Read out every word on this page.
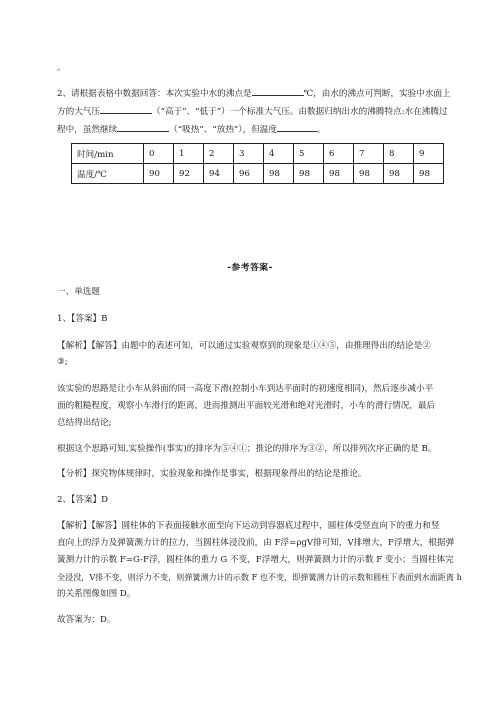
。
2、请根据表格中数据回答：本次实验中水的沸点是	℃，由水的沸点可判断，实验中水面上
方的大气压	（“高于”、“低于”）一个标准大气压。由数据归纳出水的沸腾特点:水在沸腾过
程中，虽然继续	（“吸热”、“放热”），但温度	。
时间/min	0	1	2	3	4	5	6	7	8	9
温度/℃	90	92	94	96	98	98	98	98	98	98
-参考答案-
一、单选题
1、【答案】B
【解析】【解答】由题中的表述可知，可以通过实验观察到的现象是①④⑤，由推理得出的结论是②
③;
该实验的思路是让小车从斜面的同一高度下滑(控制小车到达平面时的初速度相同)，然后逐步减小平
面的粗糙程度，观察小车滑行的距离，进而推测出平面较光滑和绝对光滑时，小车的滑行情况，最后
总结得出结论;
根据这个思路可知,实验操作(事实)的排序为⑤④①；推论的排序为③②，所以排列次序正确的是 B。
【分析】探究物体规律时，实验现象和操作是事实，根据现象得出的结论是推论。
2、【答案】D
【解析】【解答】圆柱体的下表面接触水面至向下运动到容器底过程中，圆柱体受竖直向下的重力和竖
直向上的浮力及弹簧测力计的拉力，当圆柱体浸没前，由 F浮=ρgV排可知，V排增大，F浮增大，根据弹
簧测力计的示数 F=G-F浮，圆柱体的重力 G 不变，F浮增大，则弹簧测力计的示数 F 变小；当圆柱体完
全浸没，V排不变，则浮力不变，则弹簧测力计的示数 F 也不变，即弹簧测力计的示数和圆柱下表面到水面距离 h
的关系图像如图 D。
故答案为：D。
